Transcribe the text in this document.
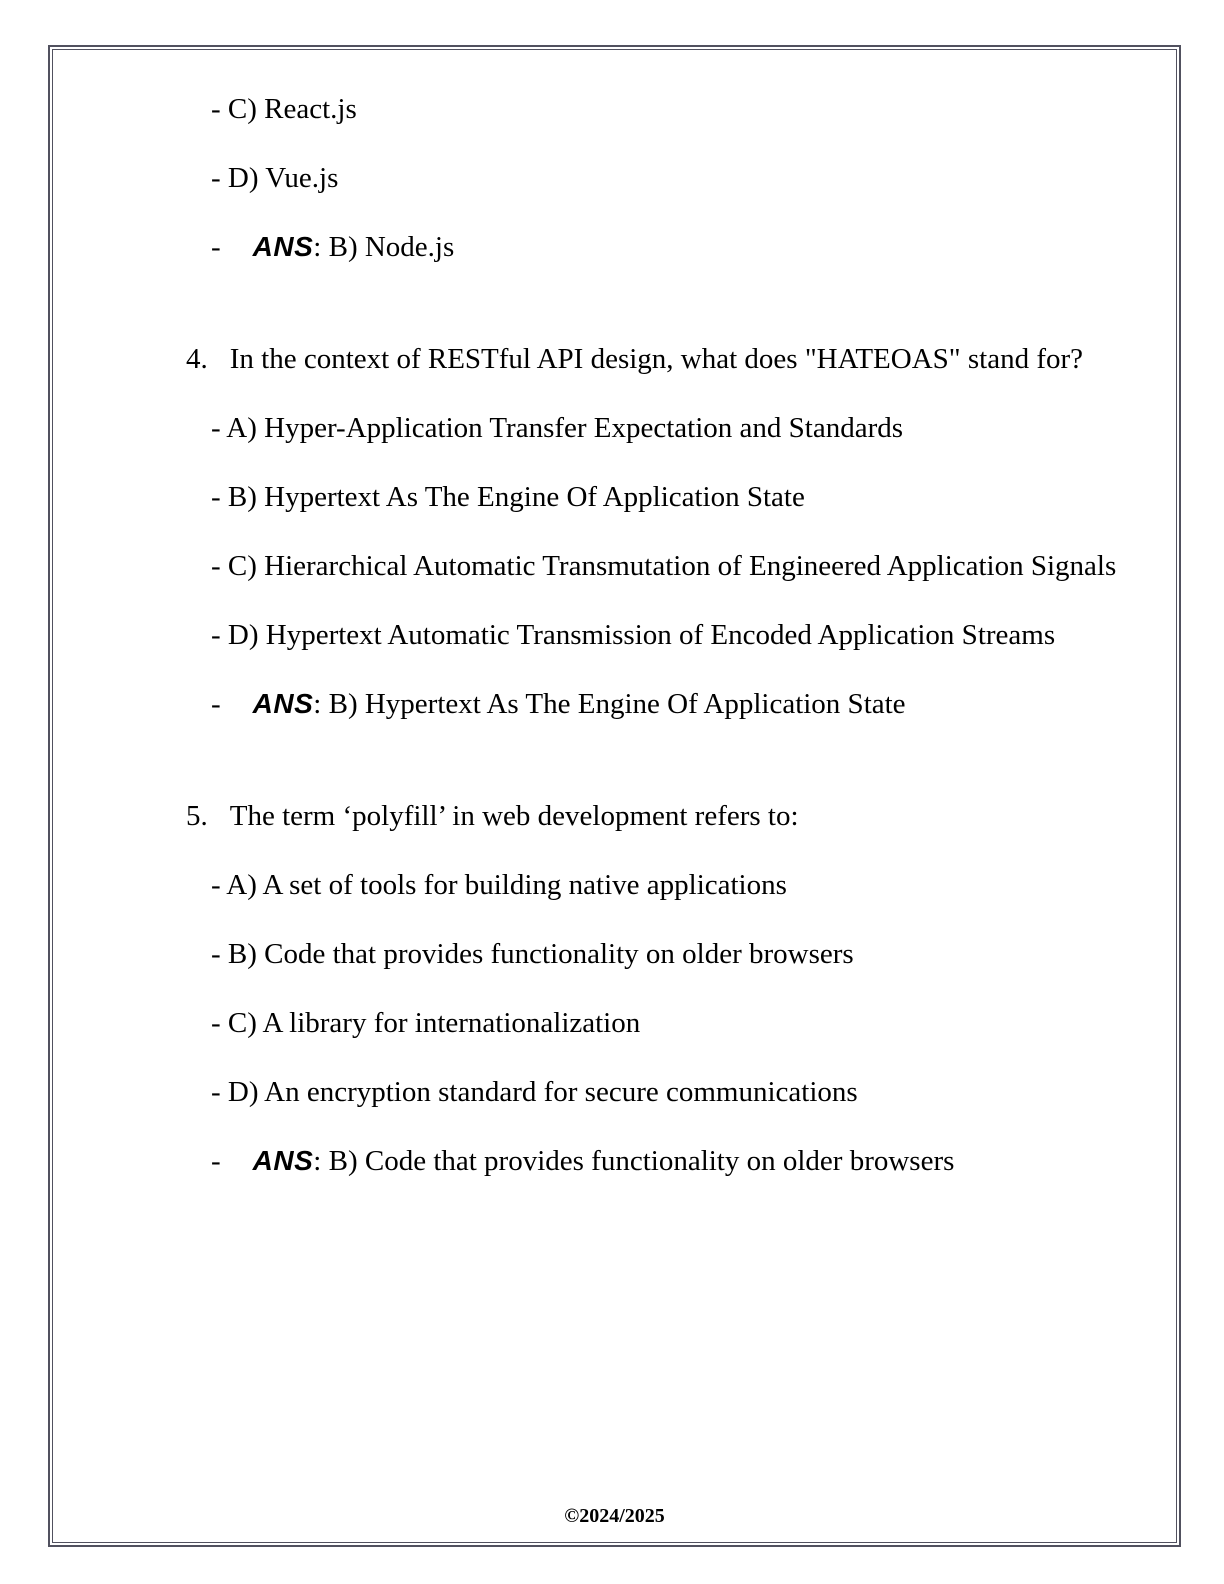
- C) React.js

- D) Vue.js

- ANS: B) Node.js

4. In the context of RESTful API design, what does "HATEOAS" stand for?

- A) Hyper-Application Transfer Expectation and Standards

- B) Hypertext As The Engine Of Application State

- C) Hierarchical Automatic Transmutation of Engineered Application Signals

- D) Hypertext Automatic Transmission of Encoded Application Streams

- ANS: B) Hypertext As The Engine Of Application State

5. The term ‘polyfill’ in web development refers to:

- A) A set of tools for building native applications

- B) Code that provides functionality on older browsers

- C) A library for internationalization

- D) An encryption standard for secure communications

- ANS: B) Code that provides functionality on older browsers

©2024/2025
